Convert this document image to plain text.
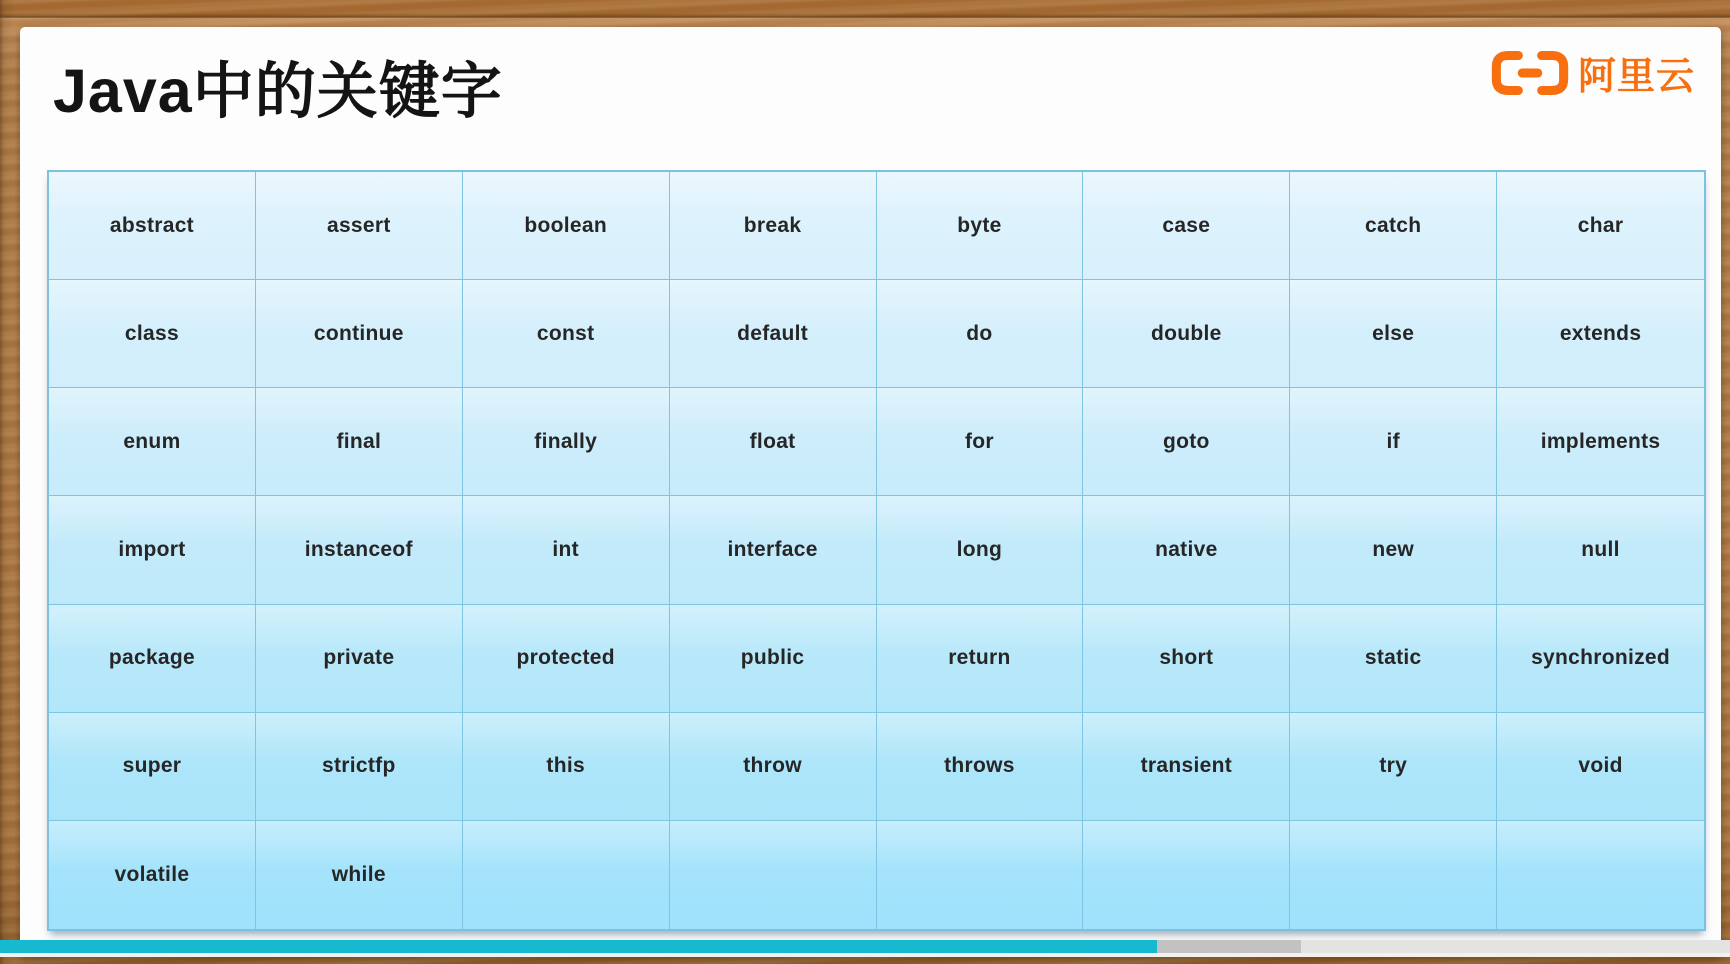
Java中的关键字	阿里云
abstract	assert	boolean	break	byte	case	catch	char
class	continue	const	default	do	double	else	extends
enum	final	finally	float	for	goto	if	implements
import	instanceof	int	interface	long	native	new	null
package	private	protected	public	return	short	static	synchronized
super	strictfp	this	throw	throws	transient	try	void
volatile	while
